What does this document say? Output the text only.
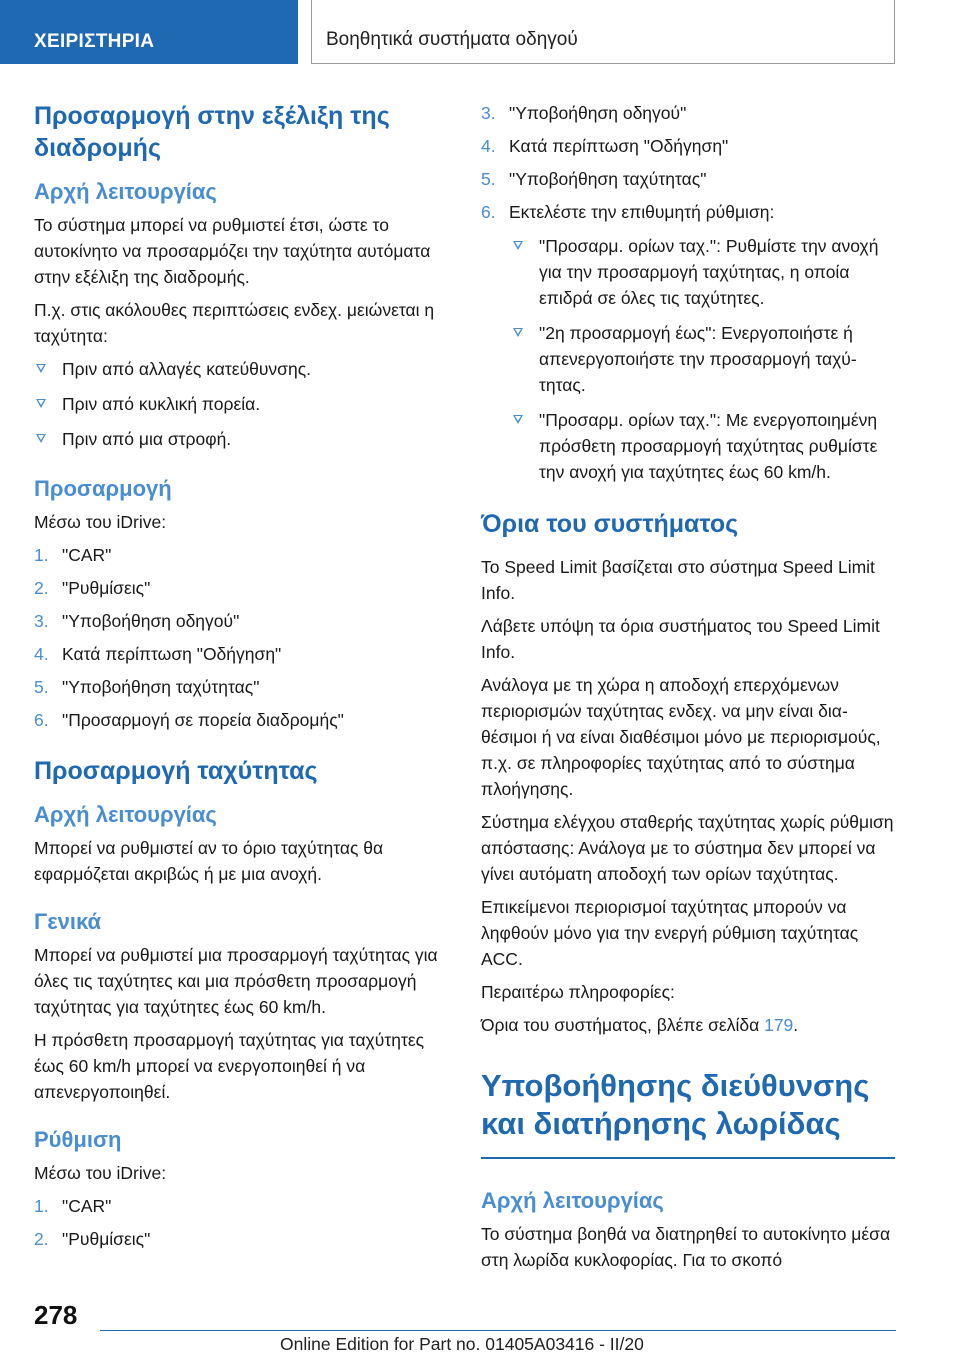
ΧΕΙΡΙΣΤΗΡΙΑ	Βοηθητικά συστήματα οδηγού
Προσαρμογή στην εξέλιξη της διαδρομής
Αρχή λειτουργίας

Το σύστημα μπορεί να ρυθμιστεί έτσι, ώστε το αυτοκίνητο να προσαρμόζει την ταχύτητα αυτόματα στην εξέλιξη της διαδρομής.

Π.χ. στις ακόλουθες περιπτώσεις ενδεχ. μειώνεται η ταχύτητα:

Πριν από αλλαγές κατεύθυνσης.
Πριν από κυκλική πορεία.
Πριν από μια στροφή.
Προσαρμογή

Μέσω του iDrive:

1. "CAR"
2. "Ρυθμίσεις"
3. "Υποβοήθηση οδηγού"
4. Κατά περίπτωση "Οδήγηση"
5. "Υποβοήθηση ταχύτητας"
6. "Προσαρμογή σε πορεία διαδρομής"
Προσαρμογή ταχύτητας
Αρχή λειτουργίας

Μπορεί να ρυθμιστεί αν το όριο ταχύτητας θα εφαρμόζεται ακριβώς ή με μια ανοχή.

Γενικά

Μπορεί να ρυθμιστεί μια προσαρμογή ταχύτητας για όλες τις ταχύτητες και μια πρόσθετη προσαρμογή ταχύτητας για ταχύτητες έως 60 km/h.

Η πρόσθετη προσαρμογή ταχύτητας για ταχύτητες έως 60 km/h μπορεί να ενεργοποιηθεί ή να απενεργοποιηθεί.

Ρύθμιση

Μέσω του iDrive:

1. "CAR"
2. "Ρυθμίσεις"
3. "Υποβοήθηση οδηγού"
4. Κατά περίπτωση "Οδήγηση"
5. "Υποβοήθηση ταχύτητας"
6. Εκτελέστε την επιθυμητή ρύθμιση:
"Προσαρμ. ορίων ταχ.": Ρυθμίστε την ανοχή για την προσαρμογή ταχύτητας, η οποία επιδρά σε όλες τις ταχύτητες.
"2η προσαρμογή έως": Ενεργοποιήστε ή απενεργοποιήστε την προσαρμογή ταχύτητας.
"Προσαρμ. ορίων ταχ.": Με ενεργοποιημένη πρόσθετη προσαρμογή ταχύτητας ρυθμίστε την ανοχή για ταχύτητες έως 60 km/h.
Όρια του συστήματος

Το Speed Limit βασίζεται στο σύστημα Speed Limit Info.

Λάβετε υπόψη τα όρια συστήματος του Speed Limit Info.

Ανάλογα με τη χώρα η αποδοχή επερχόμενων περιορισμών ταχύτητας ενδεχ. να μην είναι διαθέσιμοι ή να είναι διαθέσιμοι μόνο με περιορισμούς, π.χ. σε πληροφορίες ταχύτητας από το σύστημα πλοήγησης.

Σύστημα ελέγχου σταθερής ταχύτητας χωρίς ρύθμιση απόστασης: Ανάλογα με το σύστημα δεν μπορεί να γίνει αυτόματη αποδοχή των ορίων ταχύτητας.

Επικείμενοι περιορισμοί ταχύτητας μπορούν να ληφθούν μόνο για την ενεργή ρύθμιση ταχύτητας ACC.

Περαιτέρω πληροφορίες:

Όρια του συστήματος, βλέπε σελίδα 179.

Υποβοήθησης διεύθυνσης και διατήρησης λωρίδας
Αρχή λειτουργίας

Το σύστημα βοηθά να διατηρηθεί το αυτοκίνητο μέσα στη λωρίδα κυκλοφορίας. Για το σκοπό

278
Online Edition for Part no. 01405A03416 - II/20
